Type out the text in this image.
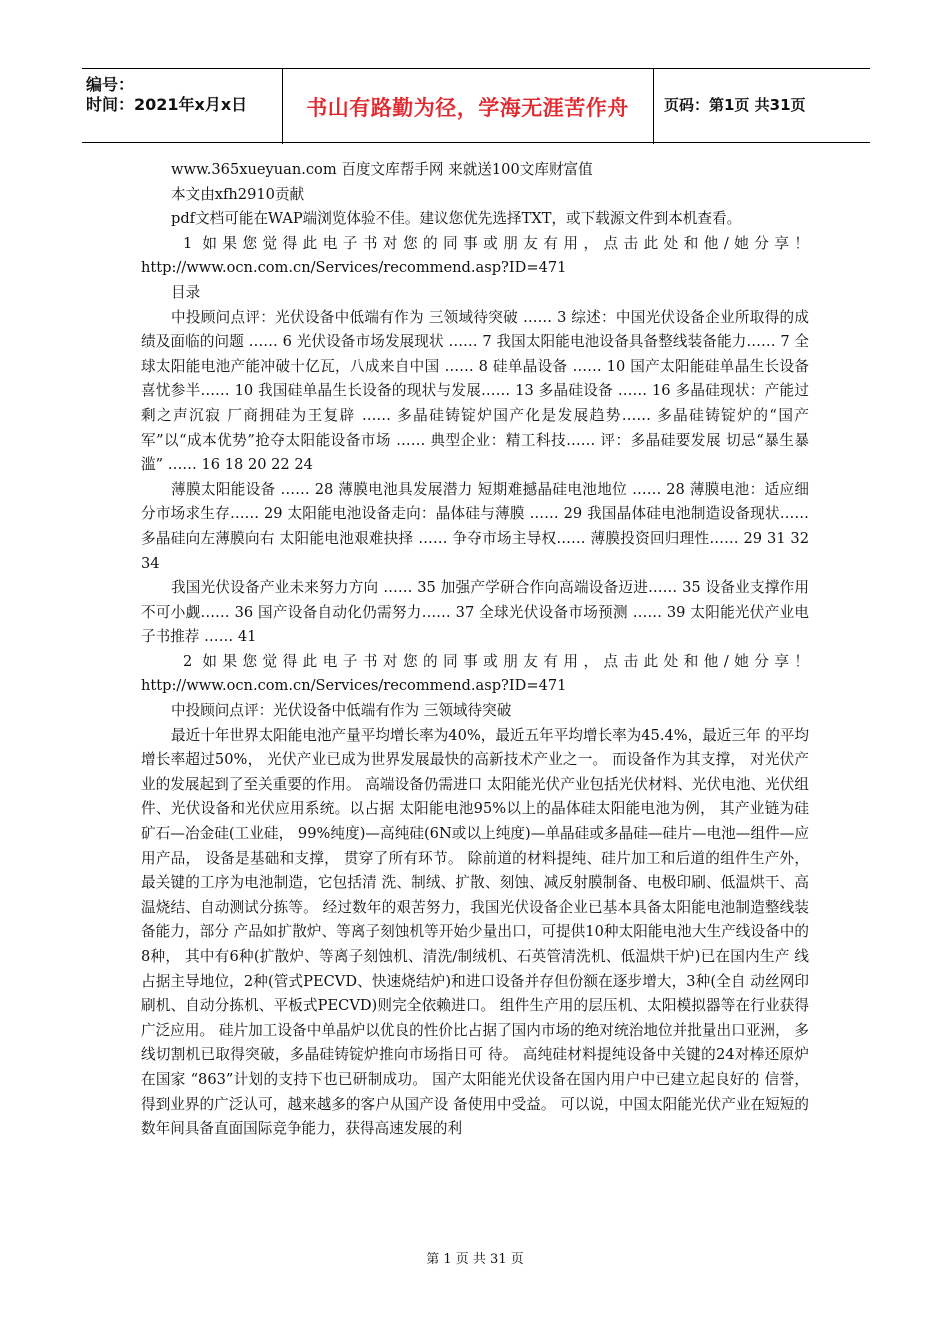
编号：
时间：2021年x月x日	书山有路勤为径，学海无涯苦作舟	页码：第1页 共31页

www.365xueyuan.com 百度文库帮手网 来就送100文库财富值

本文由xfh2910贡献

pdf文档可能在WAP端浏览体验不佳。建议您优先选择TXT，或下载源文件到本机查看。

1 如果您觉得此电子书对您的同事或朋友有用，点击此处和他/她分享！ http://www.ocn.com.cn/Services/recommend.asp?ID=471

目录

中投顾问点评：光伏设备中低端有作为 三领域待突破 …… 3 综述：中国光伏设备企业所取得的成绩及面临的问题 …… 6 光伏设备市场发展现状 …… 7 我国太阳能电池设备具备整线装备能力…… 7 全球太阳能电池产能冲破十亿瓦，八成来自中国 …… 8 硅单晶设备 …… 10 国产太阳能硅单晶生长设备喜忧参半…… 10 我国硅单晶生长设备的现状与发展…… 13 多晶硅设备 …… 16 多晶硅现状：产能过剩之声沉寂 厂商拥硅为王复辟 …… 多晶硅铸锭炉国产化是发展趋势…… 多晶硅铸锭炉的“国产军”以“成本优势”抢夺太阳能设备市场 …… 典型企业：精工科技…… 评：多晶硅要发展 切忌“暴生暴滥” …… 16 18 20 22 24

薄膜太阳能设备 …… 28 薄膜电池具发展潜力 短期难撼晶硅电池地位 …… 28 薄膜电池：适应细分市场求生存…… 29 太阳能电池设备走向：晶体硅与薄膜 …… 29 我国晶体硅电池制造设备现状…… 多晶硅向左薄膜向右 太阳能电池艰难抉择 …… 争夺市场主导权…… 薄膜投资回归理性…… 29 31 32 34

我国光伏设备产业未来努力方向 …… 35 加强产学研合作向高端设备迈进…… 35 设备业支撑作用不可小觑…… 36 国产设备自动化仍需努力…… 37 全球光伏设备市场预测 …… 39 太阳能光伏产业电子书推荐 …… 41

2 如果您觉得此电子书对您的同事或朋友有用，点击此处和他/她分享！ http://www.ocn.com.cn/Services/recommend.asp?ID=471

中投顾问点评：光伏设备中低端有作为 三领域待突破

最近十年世界太阳能电池产量平均增长率为40%，最近五年平均增长率为45.4%，最近三年 的平均增长率超过50%， 光伏产业已成为世界发展最快的高新技术产业之一。 而设备作为其支撑， 对光伏产业的发展起到了至关重要的作用。 高端设备仍需进口 太阳能光伏产业包括光伏材料、光伏电池、光伏组件、光伏设备和光伏应用系统。以占据 太阳能电池95%以上的晶体硅太阳能电池为例， 其产业链为硅矿石—冶金硅(工业硅， 99%纯度)—高纯硅(6N或以上纯度)—单晶硅或多晶硅—硅片—电池—组件—应用产品， 设备是基础和支撑， 贯穿了所有环节。 除前道的材料提纯、硅片加工和后道的组件生产外，最关键的工序为电池制造，它包括清 洗、制绒、扩散、刻蚀、减反射膜制备、电极印刷、低温烘干、高温烧结、自动测试分拣等。 经过数年的艰苦努力，我国光伏设备企业已基本具备太阳能电池制造整线装备能力，部分 产品如扩散炉、等离子刻蚀机等开始少量出口，可提供10种太阳能电池大生产线设备中的8种， 其中有6种(扩散炉、等离子刻蚀机、清洗/制绒机、石英管清洗机、低温烘干炉)已在国内生产 线占据主导地位，2种(管式PECVD、快速烧结炉)和进口设备并存但份额在逐步增大，3种(全自 动丝网印刷机、自动分拣机、平板式PECVD)则完全依赖进口。 组件生产用的层压机、太阳模拟器等在行业获得广泛应用。 硅片加工设备中单晶炉以优良的性价比占据了国内市场的绝对统治地位并批量出口亚洲， 多线切割机已取得突破，多晶硅铸锭炉推向市场指日可 待。 高纯硅材料提纯设备中关键的24对棒还原炉在国家 “863”计划的支持下也已研制成功。 国产太阳能光伏设备在国内用户中已建立起良好的 信誉，得到业界的广泛认可，越来越多的客户从国产设 备使用中受益。 可以说，中国太阳能光伏产业在短短的 数年间具备直面国际竞争能力，获得高速发展的利

第 1 页 共 31 页
